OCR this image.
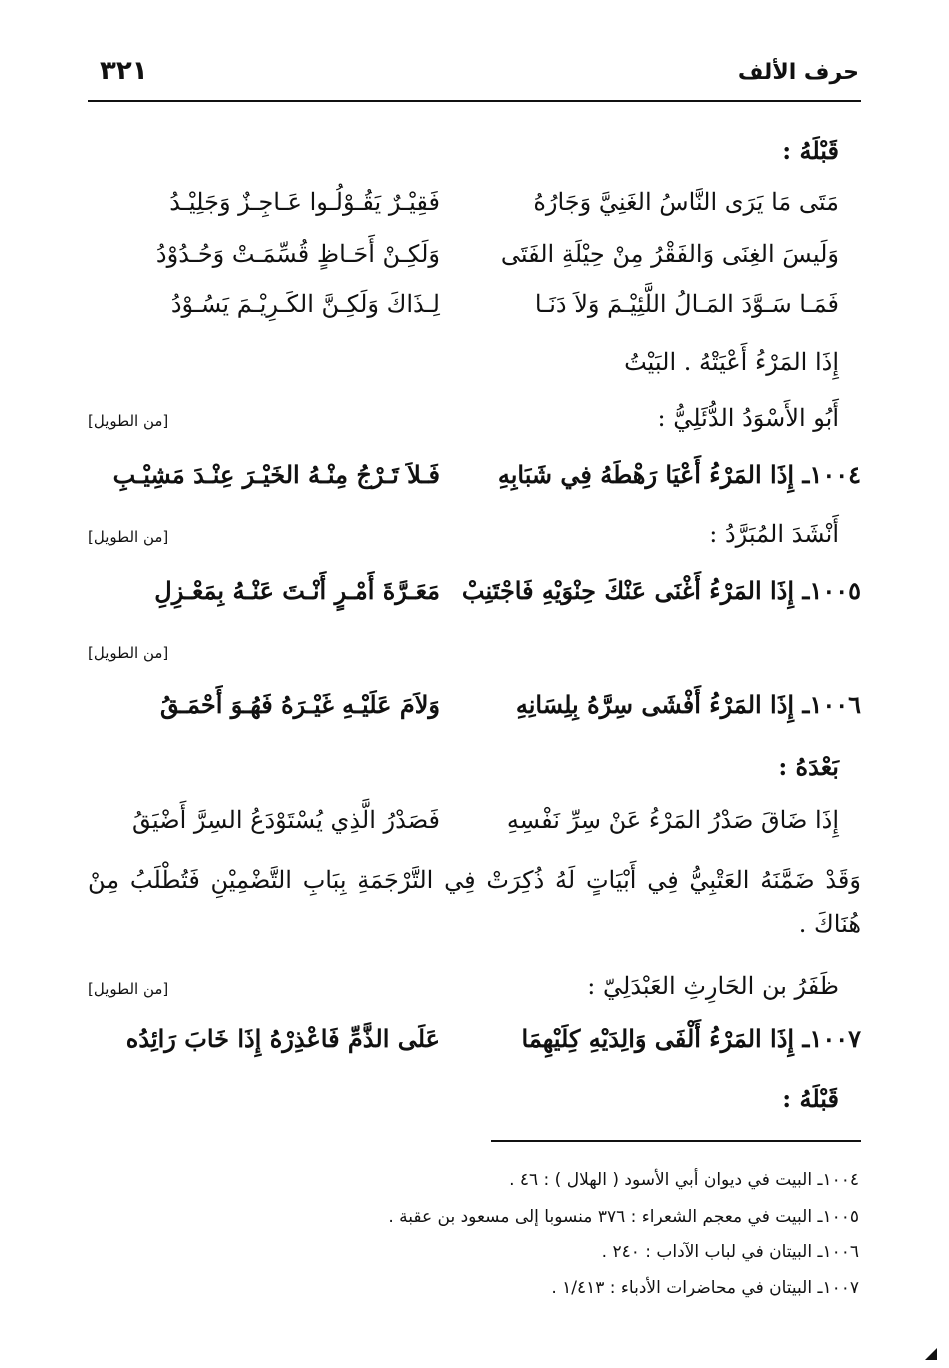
حرف الألف
٣٢١
قَبْلَهُ :
مَتَى مَا يَرَى النَّاسُ الغَنِيَّ وَجَارُهُ
فَقِيْـرٌ يَقُـوْلُـوا عَـاجِـزٌ وَجَلِيْـدُ
وَلَيسَ الغِنَى وَالفَقْرُ مِنْ حِيْلَةِ الفَتَى
وَلَكِـنْ أَحَـاظٍ قُسِّمَـتْ وَحُـدُوْدُ
فَمَـا سَـوَّدَ المَـالُ اللَّئِيْـمَ وَلاَ دَنَـا
لِـذَاكَ وَلَكِـنَّ الكَـرِيْـمَ يَسُـوْدُ
إِذَا المَرْءُ أَعْيَتْهُ . البَيْتُ
أَبُو الأَسْوَدُ الدُّئَلِيُّ :
[من الطويل]
١٠٠٤ـ إِذَا المَرْءُ أَعْيَا رَهْطَهُ فِي شَبَابِهِ
فَـلاَ تَـرْجُ مِنْـهُ الخَيْـرَ عِنْـدَ مَشِيْـبِ
أَنْشَدَ المُبَرَّدُ :
[من الطويل]
١٠٠٥ـ إِذَا المَرْءُ أَغْنَى عَنْكَ حِنْوَيْهِ فَاجْتَنِبْ
مَعَـرَّةَ أَمْـرٍ أَنْـتَ عَنْـهُ بِمَعْـزِلِ
[من الطويل]
١٠٠٦ـ إِذَا المَرْءُ أَفْشَى سِرَّهُ بِلِسَانِهِ
وَلاَمَ عَلَيْـهِ غَيْـرَهُ فَهُـوَ أَحْمَـقُ
بَعْدَهُ :
إِذَا ضَاقَ صَدْرُ المَرْءُ عَنْ سِرِّ نَفْسِهِ
فَصَدْرُ الَّذِي يُسْتَوْدَعُ السِرَّ أَضْيَقُ
وَقَدْ ضَمَّنَهُ العَتْبِيُّ فِي أَبْيَاتٍ لَهُ ذُكِرَتْ فِي التَّرْجَمَةِ بِبَابِ التَّضْمِيْنِ فَتُطْلَبُ مِنْ هُنَاكَ .
ظَفَرُ بن الحَارِثِ العَبْدَلِيّ :
[من الطويل]
١٠٠٧ـ إِذَا المَرْءُ أَلْفَى وَالِدَيْهِ كِلَيْهِمَا
عَلَى الذَّمِّ فَاعْذِرْهُ إِذَا خَابَ رَائِدُه
قَبْلَهُ :
١٠٠٤ـ البيت في ديوان أبي الأسود ( الهلال ) : ٤٦ .
١٠٠٥ـ البيت في معجم الشعراء : ٣٧٦ منسوبا إلى مسعود بن عقبة .
١٠٠٦ـ البيتان في لباب الآداب : ٢٤٠ .
١٠٠٧ـ البيتان في محاضرات الأدباء : ١/٤١٣ .
